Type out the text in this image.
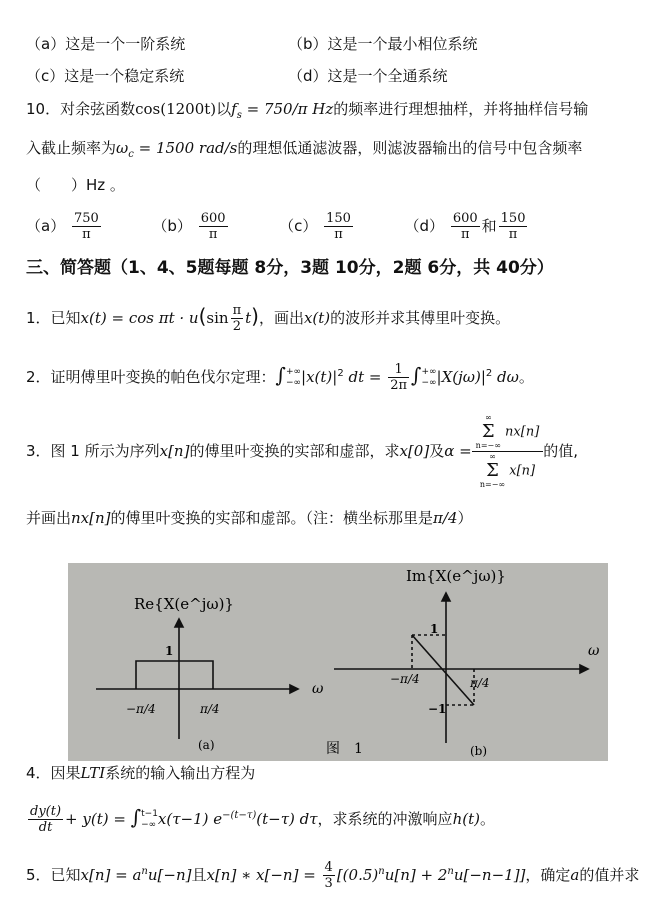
（a）这是一个一阶系统	（b）这是一个最小相位系统
（c）这是一个稳定系统	（d）这是一个全通系统
10．对余弦函数cos(1200t)以$f_s = 750/\pi$ Hz的频率进行理想抽样，并将抽样信号输
入截止频率为$\omega_c = 1500$ rad/s的理想低通滤波器，则滤波器输出的信号中包含频率
（　　）Hz 。
$(a) \frac{750}{\pi}$	$(b) \frac{600}{\pi}$	$(c) \frac{150}{\pi}$	$(d) \frac{600}{\pi}$ 和 $\frac{150}{\pi}$
三、简答题（1、4、5题每题 8分，3题 10分，2题 6分，共 40分）
1．已知$x(t) = \cos \pi t \cdot u(\sin \frac{\pi}{2} t)$，画出x(t)的波形并求其傅里叶变换。
2．证明傅里叶变换的帕色伐尔定理：∫ +∞
−∞ $|x(t)|^2$ dt = $\frac{1}{2\pi}$ ∫ +∞
−∞ $|X(j\omega)|^2$ dω。
3．图 1 所示为序列x[n]的傅里叶变换的实部和虚部，求x[0]及α = ∞
Σ
n=−∞
nx[n]
∞
Σ
n=−∞
x[n] 的值,
并画出nx[n]的傅里叶变换的实部和虚部。（注：横坐标那里是π/4）
Re{X(e^jω)}
1
−π/4	π/4
ω
(a)	图　1
Im{X(e^jω)}
1
−1
−π/4	π/4
ω
(b)
4．因果LTI系统的输入输出方程为
$\frac{dy(t)}{dt} + y(t)$ = ∫ t−1
−∞ x(τ−1) $e^{-(t-\tau)}(t-\tau)$ dτ，求系统的冲激响应h(t)。
5．已知$x[n] = a^nu[-n]$且x[n] ∗ $x[-n] = \frac{4}{3} [(0.5)^nu[n] + 2^nu[-n-1]]$，确定a的值并求
